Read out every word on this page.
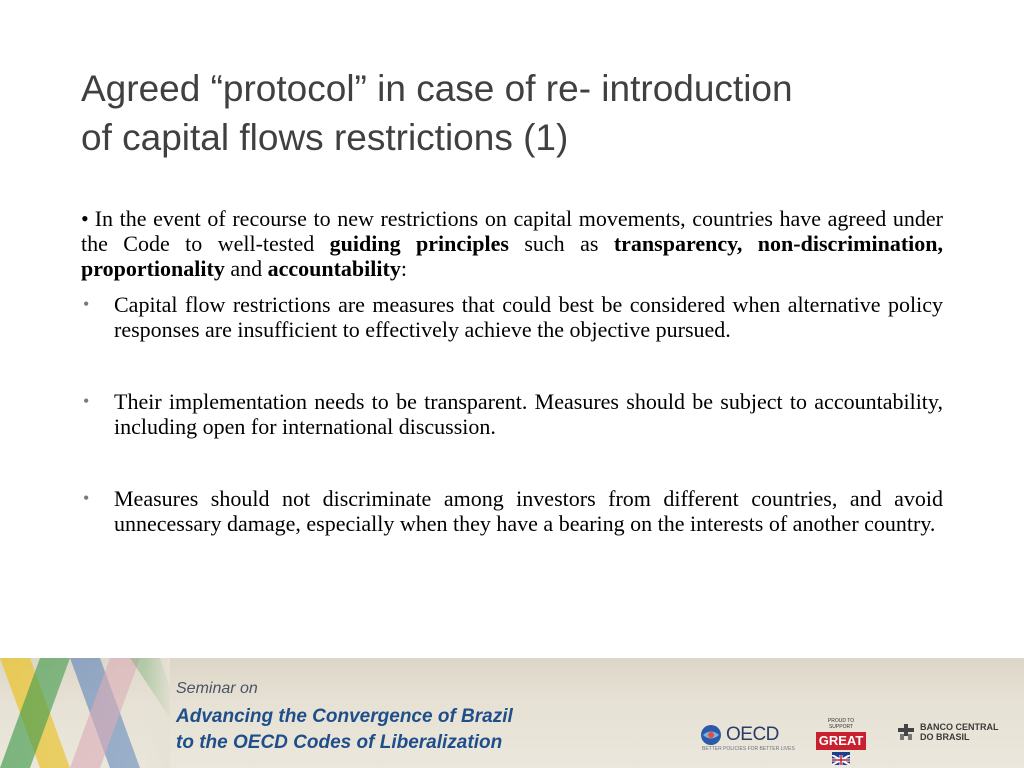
Agreed “protocol” in case of re- introduction
of capital flows restrictions (1)

• In the event of recourse to new restrictions on capital movements, countries have agreed under the Code to well-tested guiding principles such as transparency, non-discrimination, proportionality and accountability:

• Capital flow restrictions are measures that could best be considered when alternative policy responses are insufficient to effectively achieve the objective pursued.
• Their implementation needs to be transparent. Measures should be subject to accountability, including open for international discussion.
• Measures should not discriminate among investors from different countries, and avoid unnecessary damage, especially when they have a bearing on the interests of another country.
Seminar on
Advancing the Convergence of Brazil
to the OECD Codes of Liberalization	OECD
BETTER POLICIES FOR BETTER LIVES
PROUD TO SUPPORT
GREAT
BANCO CENTRAL
DO BRASIL
